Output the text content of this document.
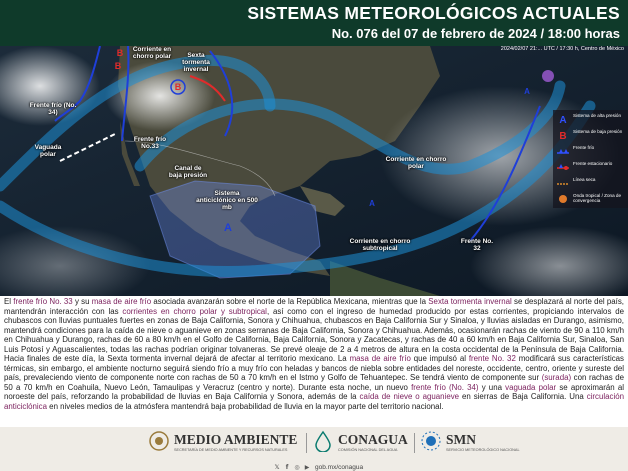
SISTEMAS METEOROLÓGICOS ACTUALES
No. 076 del 07 de febrero de 2024 / 18:00 horas
B
B
B
A
A
A
2024/02/07 21:... UTC / 17:30 h, Centro de México
Corriente en chorro polar	Sexta tormenta invernal
Frente frío (No. 34)
Frente frío No.33
Vaguada polar
Canal de baja presión
Sistema anticiclónico en 500 mb
Corriente en chorro polar
Corriente en chorro subtropical
Frente No. 32
A Sistema de alta presión
B Sistema de baja presión
Frente frío
Frente estacionario
Línea seca
Onda tropical / Zona de convergencia
El frente frío No. 33 y su masa de aire frío asociada avanzarán sobre el norte de la República Mexicana, mientras que la Sexta tormenta invernal se desplazará al norte del país, mantendrán interacción con las corrientes en chorro polar y subtropical, así como con el ingreso de humedad producido por estas corrientes, propiciando intervalos de chubascos con lluvias puntuales fuertes en zonas de Baja California, Sonora y Chihuahua, chubascos en Baja California Sur y Sinaloa, y lluvias aisladas en Durango, asimismo, mantendrá condiciones para la caída de nieve o aguanieve en zonas serranas de Baja California, Sonora y Chihuahua. Además, ocasionarán rachas de viento de 90 a 110 km/h en Chihuahua y Durango, rachas de 60 a 80 km/h en el Golfo de California, Baja California, Sonora y Zacatecas, y rachas de 40 a 60 km/h en Baja California Sur, Sinaloa, San Luis Potosí y Aguascalientes, todas las rachas podrían originar tolvaneras. Se prevé oleaje de 2 a 4 metros de altura en la costa occidental de la Península de Baja California. Hacia finales de este día, la Sexta tormenta invernal dejará de afectar al territorio mexicano. La masa de aire frío que impulsó al frente No. 32 modificará sus características térmicas, sin embargo, el ambiente nocturno seguirá siendo frío a muy frío con heladas y bancos de niebla sobre entidades del noreste, occidente, centro, oriente y sureste del país, prevaleciendo viento de componente norte con rachas de 50 a 70 km/h en el Istmo y Golfo de Tehuantepec. Se tendrá viento de componente sur (surada) con rachas de 50 a 70 km/h en Coahuila, Nuevo León, Tamaulipas y Veracruz (centro y norte). Durante esta noche, un nuevo frente frío (No. 34) y una vaguada polar se aproximarán al noroeste del país, reforzando la probabilidad de lluvias en Baja California y Sonora, además de la caída de nieve o aguanieve en sierras de Baja California. Una circulación anticiclónica en niveles medios de la atmósfera mantendrá baja probabilidad de lluvia en la mayor parte del territorio nacional.
MEDIO AMBIENTE
SECRETARÍA DE MEDIO AMBIENTE Y RECURSOS NATURALES
CONAGUA
COMISIÓN NACIONAL DEL AGUA
SMN
SERVICIO METEOROLÓGICO NACIONAL
𝕏 f ◎ ▶ gob.mx/conagua
